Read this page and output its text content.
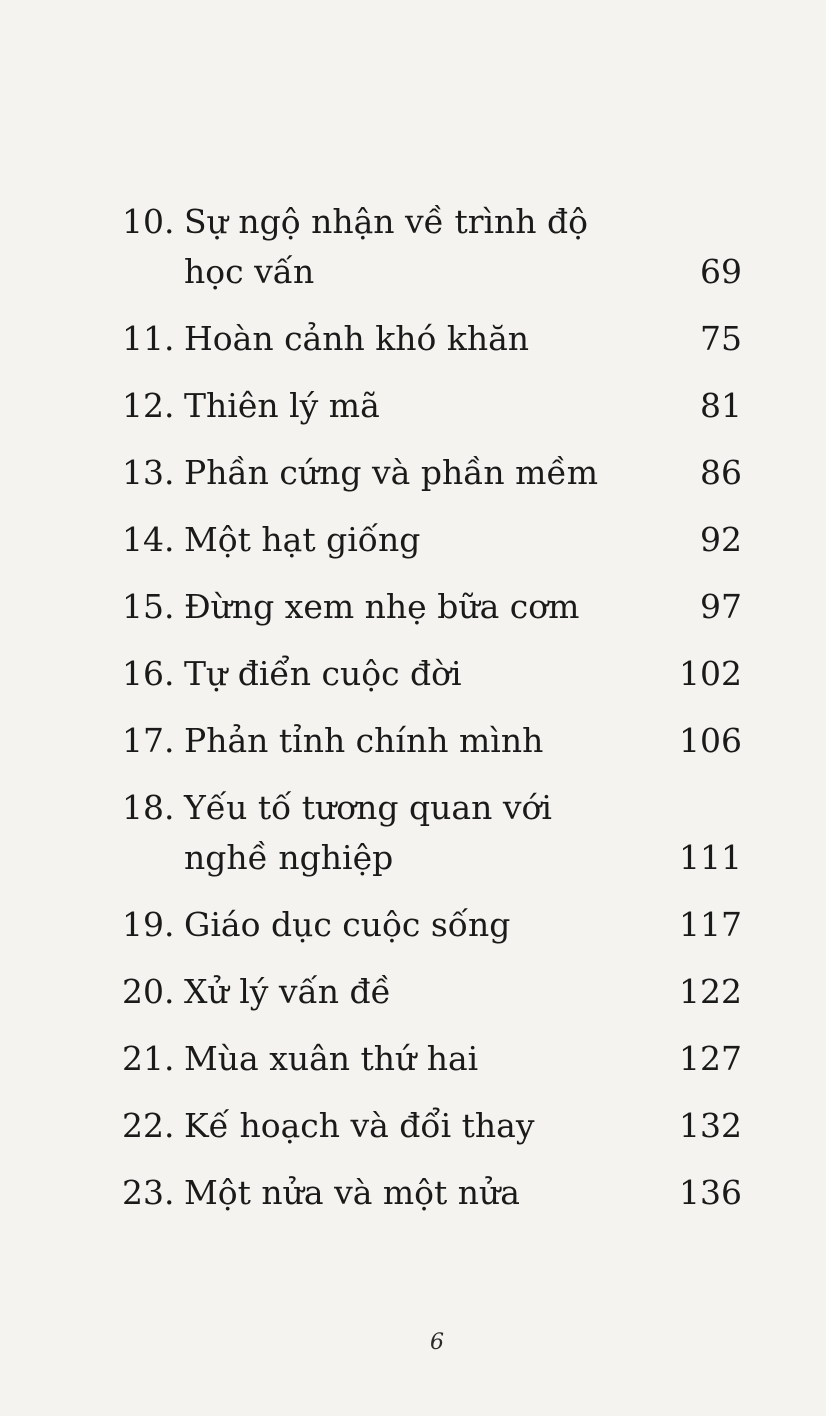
10. Sự ngộ nhận về trình độ
học vấn	69
11. Hoàn cảnh khó khăn	75
12. Thiên lý mã	81
13. Phần cứng và phần mềm	86
14. Một hạt giống	92
15. Đừng xem nhẹ bữa cơm	97
16. Tự điển cuộc đời	102
17. Phản tỉnh chính mình	106
18. Yếu tố tương quan với
nghề nghiệp	111
19. Giáo dục cuộc sống	117
20. Xử lý vấn đề	122
21. Mùa xuân thứ hai	127
22. Kế hoạch và đổi thay	132
23. Một nửa và một nửa	136
6
